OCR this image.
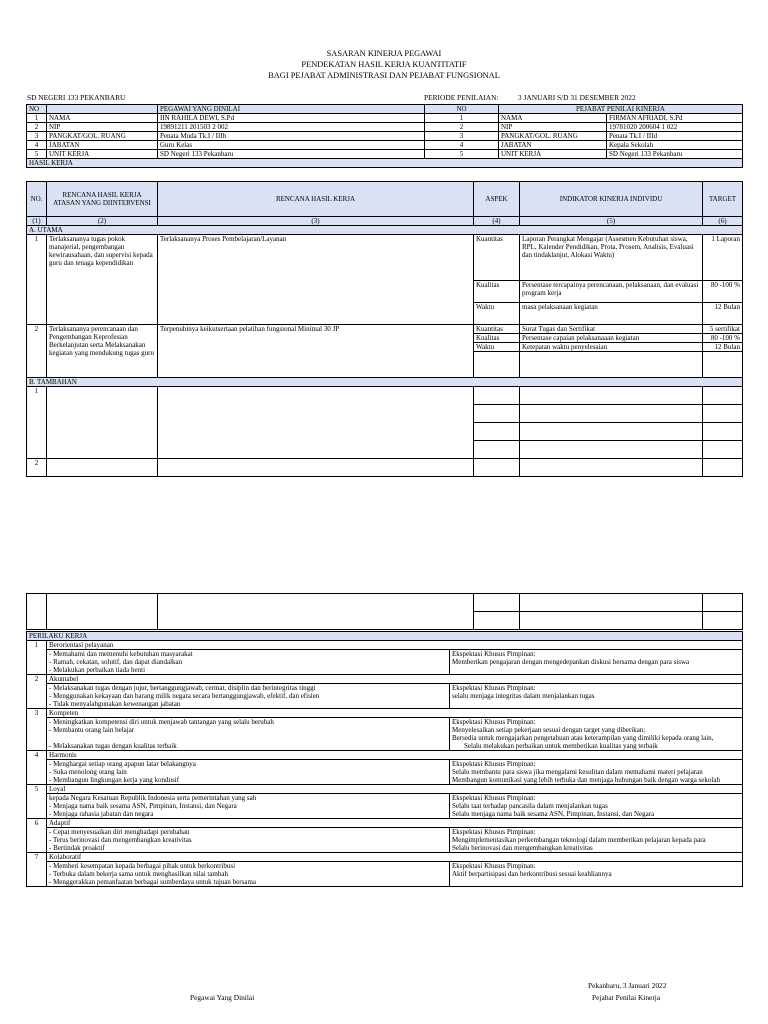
SASARAN KINERJA PEGAWAI
PENDEKATAN HASIL KERJA KUANTITATIF
BAGI PEJABAT ADMINISTRASI DAN PEJABAT FUNGSIONAL
SD NEGERI 133 PEKANBARU	PERIODE PENILAIAN:	3 JANUARI S/D 31 DESEMBER 2022
NO		PEGAWAI YANG DINILAI	NO	PEJABAT PENILAI KINERJA	
1	NAMA	IIN RAHILA DEWI, S.Pd	1	NAMA	FIRMAN AFRIADI, S.Pd
2	NIP	19891211 201503 2 002	2	NIP	19781020 200604 1 022
3	PANGKAT/GOL. RUANG	Penata Muda Tk.I / IIIb	3	PANGKAT/GOL. RUANG	Penata Tk.I / IIId
4	JABATAN	Guru Kelas	4	JABATAN	Kepala Sekolah
5	UNIT KERJA	SD Negeri 133 Pekanbaru	5	UNIT KERJA	SD Negeri 133 Pekanbaru
HASIL KERJA					
NO.	RENCANA HASIL KERJA ATASAN YANG DIINTERVENSI	RENCANA HASIL KERJA	ASPEK	INDIKATOR KINERJA INDIVIDU	TARGET
(1)	(2)	(3)	(4)	(5)	(6)
A. UTAMA					
1	Terlaksananya tugas pokok manajerial, pengembangan kewirausahaan, dan supervisi kepada guru dan tenaga kependidikan	Terlaksananya Proses Pembelajaran/Layanan	Kuantitas	Laporan Perangkat Mengajar (Assesmen Kebutuhan siswa, RPL, Kalender Pendidikan, Prota, Prosem, Analisis, Evaluasi dan tindaklanjut, Alokasi Waktu)	1 Laporan
			Kualitas	Persentase tercapainya perencanaan, pelaksanaan, dan evaluasi program kerja	80 -100 %
			Waktu	masa pelaksanaan kegiatan	12 Bulan
2	Terlaksananya perencanaan dan Pengembangan Keprofesian Berkelanjutan serta Melaksanakan kegiatan yang mendukung tugas guru	Terpenuhinya keikutsertaan pelatihan fungsional Minimal 30 JP	Kuantitas	Surat Tugas dan Sertifikat	5 sertifikat
			Kualitas	Persentase capaian pelaksanaaan kegiatan	80 -100 %
			Waktu	Ketepatan waktu penyelesaian	12 Bulan

B. TAMBAHAN					
1					

2					

PERILAKU KERJA		
1	Berorientasi pelayanan	
	- Memahami dan memenuhi kebutuhan masyarakat	Ekspektasi Khusus Pimpinan:
	- Ramah, cekatan, solutif, dan dapat diandalkan	Memberikan pengajaran dengan mengedepankan diskusi bersama dengan para siswa
	- Melakukan perbaikan tiada henti	
2	Akuntabel	
	- Melaksanakan tugas dengan jujur, bertanggungjawab, cermat, disiplin dan berintegritas tinggi	Ekspektasi Khusus Pimpinan:
	- Menggunakan kekayaan dan barang milik negara secara bertanggungjawab, efektif, dan efisien	selalu menjaga integritas dalam menjalankan tugas
	- Tidak menyalahgunakan kewenangan jabatan	
3	Kompeten	
	- Meningkatkan kompetensi diri untuk menjawab tantangan yang selalu berubah	Ekspektasi Khusus Pimpinan:
	- Membantu orang lain belajar	Menyelesaikan setiap pekerjaan sesuai dengan target yang diberikan;
		Bersedia untuk mengajarkan pengetahuan atau keterampilan yang dimiliki kepada orang lain,
	- Melaksanakan tugas dengan kualitas terbaik	Selalu melakukan perbaikan untuk memberikan kualitas yang terbaik
4	Harmonis	
	- Menghargai setiap orang apapun latar belakangnya	Ekspektasi Khusus Pimpinan:
	- Suka menolong orang lain	Selalu membantu para siswa jika mengalami kesulitan dalam memahami materi pelajaran
	- Membangun lingkungan kerja yang kondusif	Membangun komunikasi yang lebih terbuka dan menjaga hubungan baik dengan warga sekolah
5	Loyal	
	kepada Negara Kesatuan Republik Indonesia serta pemerintahan yang sah	Ekspektasi Khusus Pimpinan:
	- Menjaga nama baik sesama ASN, Pimpinan, Instansi, dan Negara	Selalu taat terhadap pancasila dalam menjalankan tugas
	- Menjaga rahasia jabatan dan negara	Selalu menjaga nama baik sesama ASN, Pimpinan, Instansi, dan Negara
6	Adaptif	
	- Cepat menyesuaikan diri menghadapi perubahan	Ekspektasi Khusus Pimpinan:
	- Terus berinovasi dan mengembangkan kreativitas	Mengimplementasikan perkembangan teknologi dalam memberikan pelajaran kepada para
	- Bertindak proaktif	Selalu berinovasi dan mengembangkan kreativitas
7	Kolaboratif	
	- Memberi kesempatan kepada berbagai pihak untuk berkontribusi	Ekspektasi Khusus Pimpinan:
	- Terbuka dalam bekerja sama untuk menghasilkan nilai tambah	Aktif berpartisipasi dan berkontribusi sesuai keahliannya
	- Menggerakkan pemanfaatan berbagai sumberdaya untuk tujuan bersama	
Pekanbaru, 3 Januari 2022
Pegawai Yang Dinilai	Pejabat Penilai Kinerja
